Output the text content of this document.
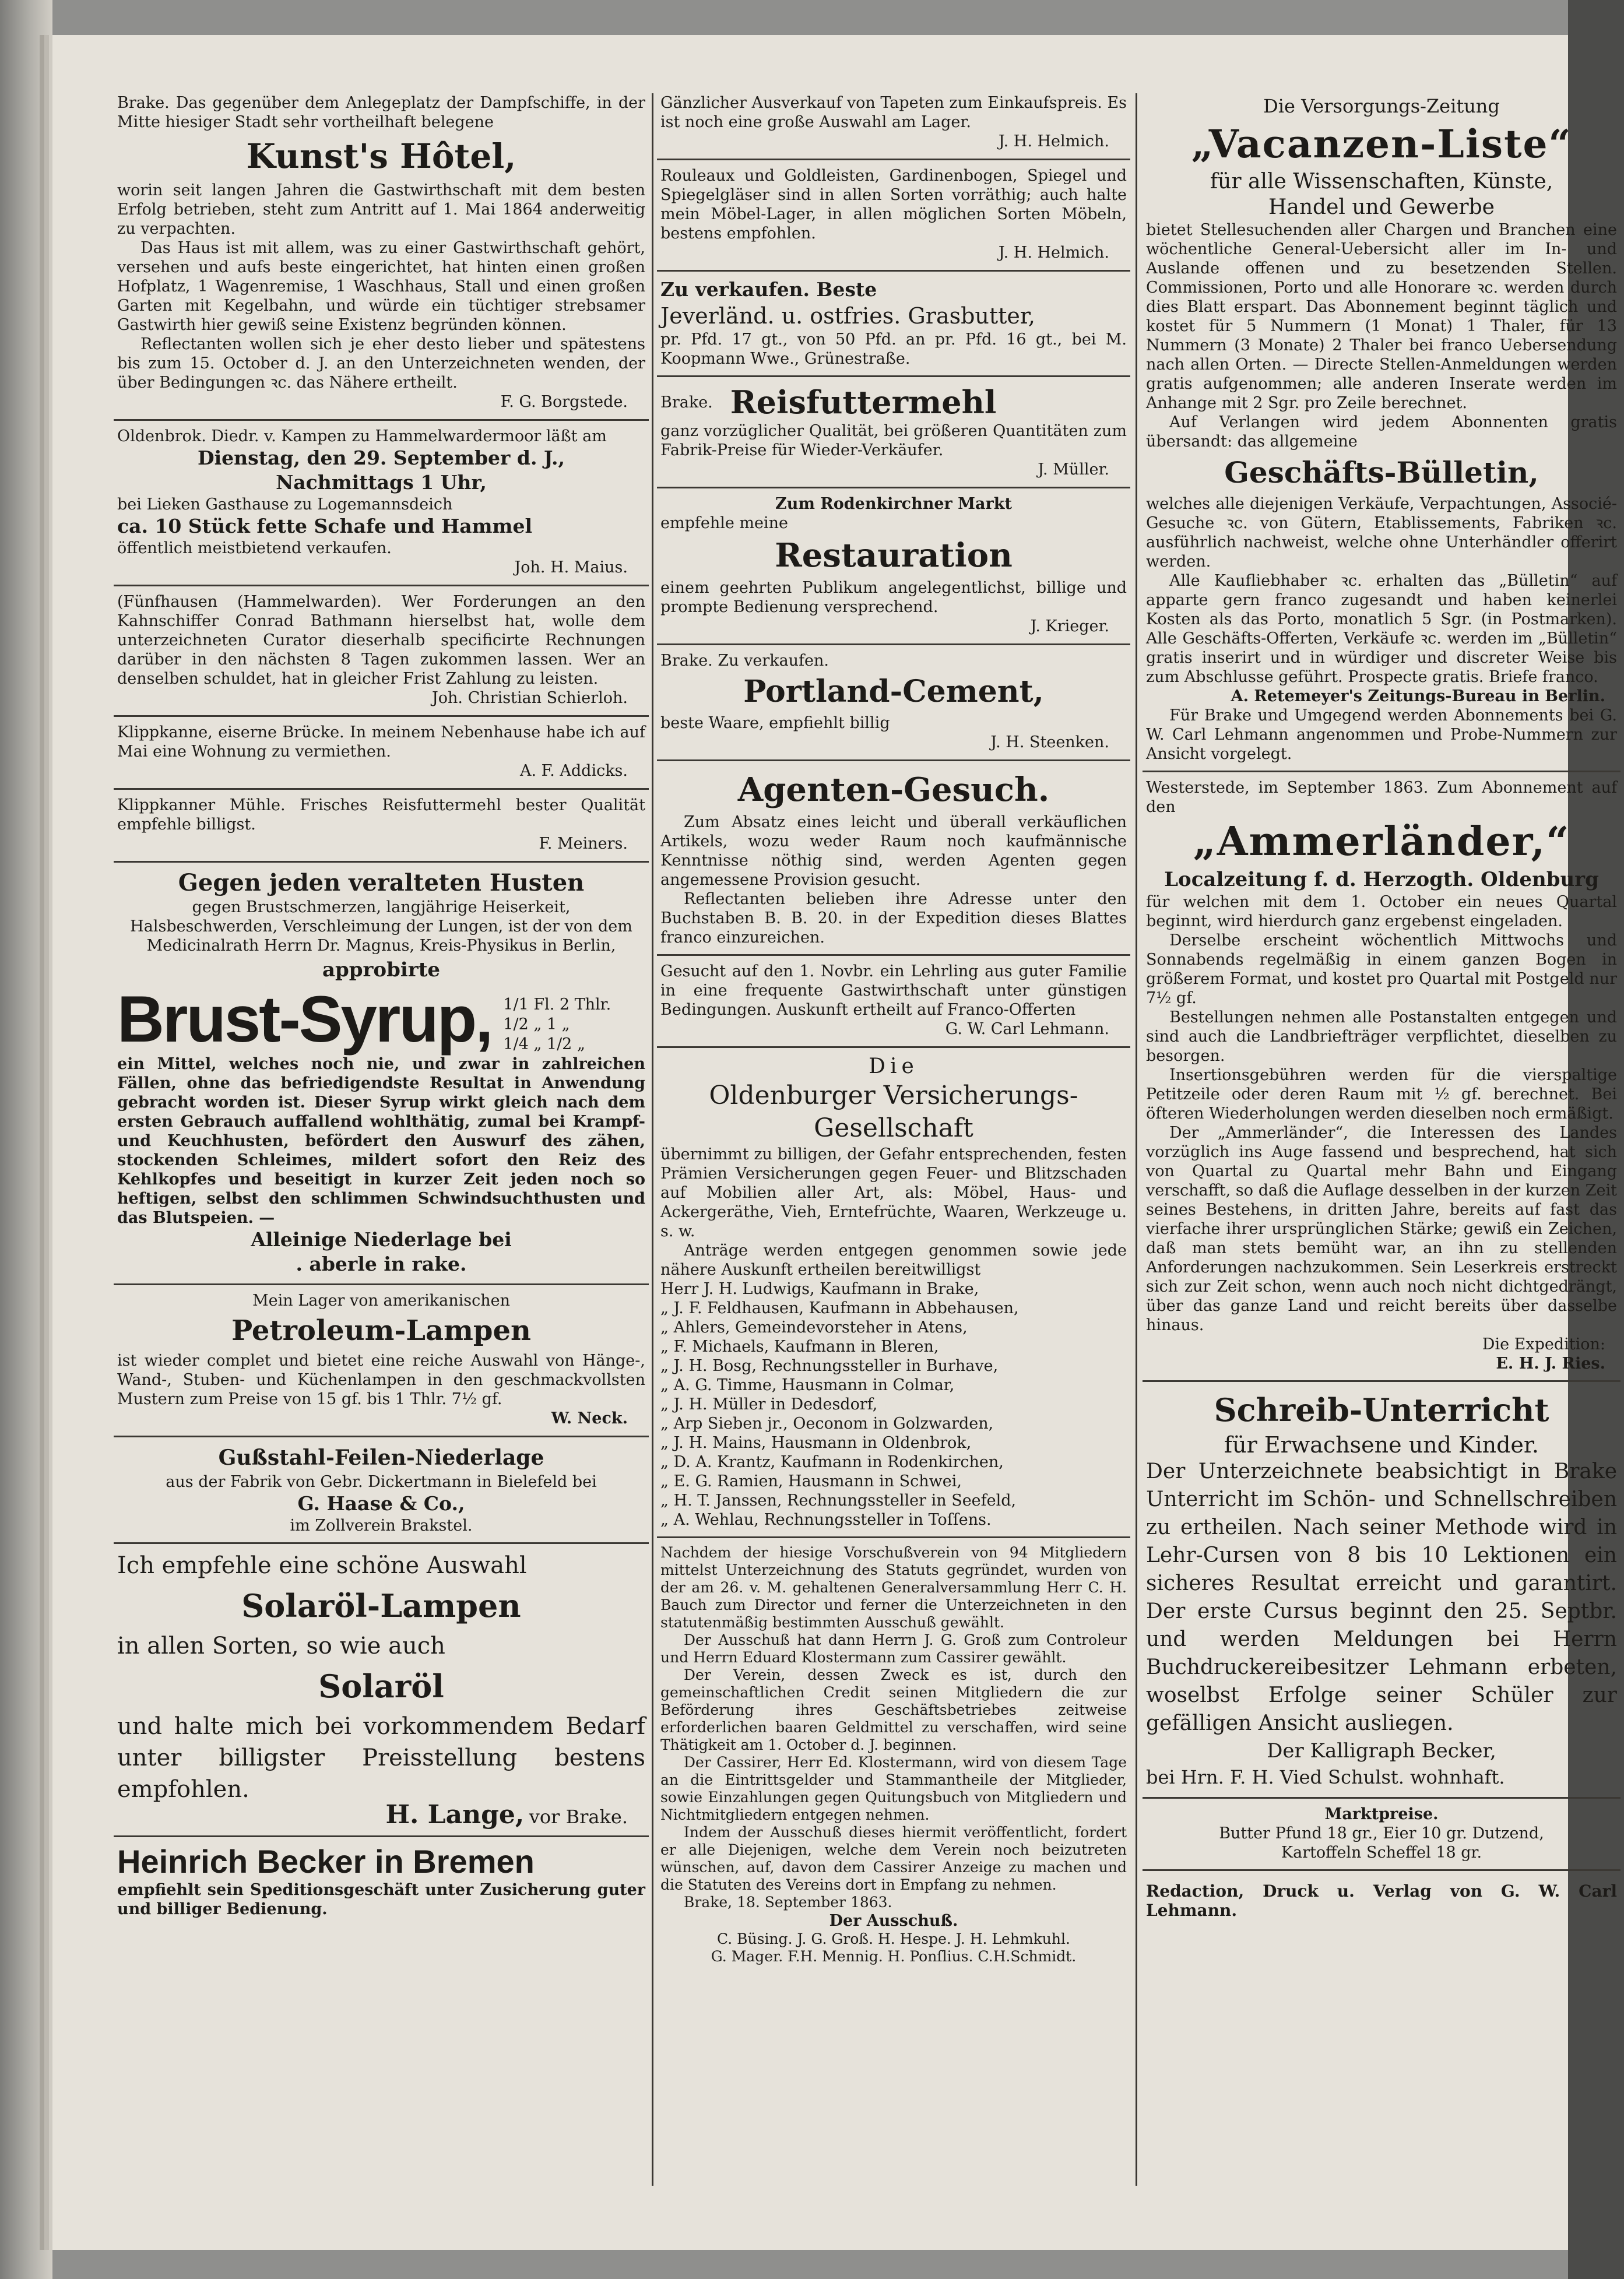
Brake. Das gegenüber dem Anlegeplatz der Dampfschiffe, in der Mitte hiesiger Stadt sehr vortheilhaft belegene

Kunst's Hôtel,

worin seit langen Jahren die Gastwirthschaft mit dem besten Erfolg betrieben, steht zum Antritt auf 1. Mai 1864 anderweitig zu verpachten.

Das Haus ist mit allem, was zu einer Gastwirthschaft gehört, versehen und aufs beste eingerichtet, hat hinten einen großen Hofplatz, 1 Wagenremise, 1 Waschhaus, Stall und einen großen Garten mit Kegelbahn, und würde ein tüchtiger strebsamer Gastwirth hier gewiß seine Existenz begründen können.

Reflectanten wollen sich je eher desto lieber und spätestens bis zum 15. October d. J. an den Unterzeichneten wenden, der über Bedingungen ꝛc. das Nähere ertheilt.

F. G. Borgstede.

Oldenbrok. Diedr. v. Kampen zu Hammelwardermoor läßt am

Dienstag, den 29. September d. J.,

Nachmittags 1 Uhr,

bei Lieken Gasthause zu Logemannsdeich

ca. 10 Stück fette Schafe und Hammel

öffentlich meistbietend verkaufen.

Joh. H. Maius.

(Fünfhausen (Hammelwarden). Wer Forderungen an den Kahnschiffer Conrad Bathmann hierselbst hat, wolle dem unterzeichneten Curator dieserhalb specificirte Rechnungen darüber in den nächsten 8 Tagen zukommen lassen. Wer an denselben schuldet, hat in gleicher Frist Zahlung zu leisten.

Joh. Christian Schierloh.

Klippkanne, eiserne Brücke. In meinem Nebenhause habe ich auf Mai eine Wohnung zu vermiethen.

A. F. Addicks.

Klippkanner Mühle. Frisches Reisfuttermehl bester Qualität empfehle billigst.

F. Meiners.
Gegen jeden veralteten Husten

gegen Brustschmerzen, langjährige Heiserkeit, Halsbeschwerden, Verschleimung der Lungen, ist der von dem Medicinalrath Herrn Dr. Magnus, Kreis-Physikus in Berlin,

approbirte
Brust-Syrup, 1/1 Fl. 2 Thlr.
1/2 „ 1 „
1/4 „ 1/2 „

ein Mittel, welches noch nie, und zwar in zahlreichen Fällen, ohne das befriedigendste Resultat in Anwendung gebracht worden ist. Dieser Syrup wirkt gleich nach dem ersten Gebrauch auffallend wohlthätig, zumal bei Krampf- und Keuchhusten, befördert den Auswurf des zähen, stockenden Schleimes, mildert sofort den Reiz des Kehlkopfes und beseitigt in kurzer Zeit jeden noch so heftigen, selbst den schlimmen Schwindsuchthusten und das Blutspeien. —

Alleinige Niederlage bei

. aberle in rake.

Mein Lager von amerikanischen

Petroleum-Lampen

ist wieder complet und bietet eine reiche Auswahl von Hänge-, Wand-, Stuben- und Küchenlampen in den geschmackvollsten Mustern zum Preise von 15 gf. bis 1 Thlr. 7½ gf.

W. Neck.
Gußstahl-Feilen-Niederlage

aus der Fabrik von Gebr. Dickertmann in Bielefeld bei

G. Haase & Co.,

im Zollverein Brakstel.

Ich empfehle eine schöne Auswahl

Solaröl-Lampen

in allen Sorten, so wie auch

Solaröl

und halte mich bei vorkommendem Bedarf unter billigster Preisstellung bestens empfohlen.

H. Lange, vor Brake.
Heinrich Becker in Bremen

empfiehlt sein Speditionsgeschäft unter Zusicherung guter und billiger Bedienung.

Gänzlicher Ausverkauf von Tapeten zum Einkaufspreis. Es ist noch eine große Auswahl am Lager.

J. H. Helmich.

Rouleaux und Goldleisten, Gardinenbogen, Spiegel und Spiegelgläser sind in allen Sorten vorräthig; auch halte mein Möbel-Lager, in allen möglichen Sorten Möbeln, bestens empfohlen.

J. H. Helmich.

Zu verkaufen. Beste

Jeverländ. u. ostfries. Grasbutter,

pr. Pfd. 17 gt., von 50 Pfd. an pr. Pfd. 16 gt., bei M. Koopmann Wwe., Grünestraße.

Brake. Reisfuttermehl

ganz vorzüglicher Qualität, bei größeren Quantitäten zum Fabrik-Preise für Wieder-Verkäufer.

J. Müller.

Zum Rodenkirchner Markt

empfehle meine

Restauration

einem geehrten Publikum angelegentlichst, billige und prompte Bedienung versprechend.

J. Krieger.

Brake. Zu verkaufen.

Portland-Cement,

beste Waare, empfiehlt billig

J. H. Steenken.
Agenten-Gesuch.

Zum Absatz eines leicht und überall verkäuflichen Artikels, wozu weder Raum noch kaufmännische Kenntnisse nöthig sind, werden Agenten gegen angemessene Provision gesucht.

Reflectanten belieben ihre Adresse unter den Buchstaben B. B. 20. in der Expedition dieses Blattes franco einzureichen.

Gesucht auf den 1. Novbr. ein Lehrling aus guter Familie in eine frequente Gastwirthschaft unter günstigen Bedingungen. Auskunft ertheilt auf Franco-Offerten

G. W. Carl Lehmann.
Die
Oldenburger Versicherungs-
Gesellschaft

übernimmt zu billigen, der Gefahr entsprechenden, festen Prämien Versicherungen gegen Feuer- und Blitzschaden auf Mobilien aller Art, als: Möbel, Haus- und Ackergeräthe, Vieh, Erntefrüchte, Waaren, Werkzeuge u. s. w.

Anträge werden entgegen genommen sowie jede nähere Auskunft ertheilen bereitwilligst

Herr J. H. Ludwigs, Kaufmann in Brake,

„ J. F. Feldhausen, Kaufmann in Abbehausen,

„ Ahlers, Gemeindevorsteher in Atens,

„ F. Michaels, Kaufmann in Bleren,

„ J. H. Bosg, Rechnungssteller in Burhave,

„ A. G. Timme, Hausmann in Colmar,

„ J. H. Müller in Dedesdorf,

„ Arp Sieben jr., Oeconom in Golzwarden,

„ J. H. Mains, Hausmann in Oldenbrok,

„ D. A. Krantz, Kaufmann in Rodenkirchen,

„ E. G. Ramien, Hausmann in Schwei,

„ H. T. Janssen, Rechnungssteller in Seefeld,

„ A. Wehlau, Rechnungssteller in Toſſens.

Nachdem der hiesige Vorschußverein von 94 Mitgliedern mittelst Unterzeichnung des Statuts gegründet, wurden von der am 26. v. M. gehaltenen Generalversammlung Herr C. H. Bauch zum Director und ferner die Unterzeichneten in den statutenmäßig bestimmten Ausschuß gewählt.

Der Ausschuß hat dann Herrn J. G. Groß zum Controleur und Herrn Eduard Klostermann zum Cassirer gewählt.

Der Verein, dessen Zweck es ist, durch den gemeinschaftlichen Credit seinen Mitgliedern die zur Beförderung ihres Geschäftsbetriebes zeitweise erforderlichen baaren Geldmittel zu verschaffen, wird seine Thätigkeit am 1. October d. J. beginnen.

Der Cassirer, Herr Ed. Klostermann, wird von diesem Tage an die Eintrittsgelder und Stammantheile der Mitglieder, sowie Einzahlungen gegen Quitungsbuch von Mitgliedern und Nichtmitgliedern entgegen nehmen.

Indem der Ausschuß dieses hiermit veröffentlicht, fordert er alle Diejenigen, welche dem Verein noch beizutreten wünschen, auf, davon dem Cassirer Anzeige zu machen und die Statuten des Vereins dort in Empfang zu nehmen.

Brake, 18. September 1863.

Der Ausschuß.

C. Büsing. J. G. Groß. H. Hespe. J. H. Lehmkuhl.

G. Mager. F.H. Mennig. H. Ponſlius. C.H.Schmidt.

Die Versorgungs-Zeitung
„Vacanzen-Liste“
für alle Wissenschaften, Künste,
Handel und Gewerbe

bietet Stellesuchenden aller Chargen und Branchen eine wöchentliche General-Uebersicht aller im In- und Auslande offenen und zu besetzenden Stellen. Commissionen, Porto und alle Honorare ꝛc. werden durch dies Blatt erspart. Das Abonnement beginnt täglich und kostet für 5 Nummern (1 Monat) 1 Thaler, für 13 Nummern (3 Monate) 2 Thaler bei franco Uebersendung nach allen Orten. — Directe Stellen-Anmeldungen werden gratis aufgenommen; alle anderen Inserate werden im Anhange mit 2 Sgr. pro Zeile berechnet.

Auf Verlangen wird jedem Abonnenten gratis übersandt: das allgemeine

Geschäfts-Bülletin,

welches alle diejenigen Verkäufe, Verpachtungen, Associé-Gesuche ꝛc. von Gütern, Etablissements, Fabriken ꝛc. ausführlich nachweist, welche ohne Unterhändler offerirt werden.

Alle Kaufliebhaber ꝛc. erhalten das „Bülletin“ auf apparte gern franco zugesandt und haben keinerlei Kosten als das Porto, monatlich 5 Sgr. (in Postmarken). Alle Geschäfts-Offerten, Verkäufe ꝛc. werden im „Bülletin“ gratis inserirt und in würdiger und discreter Weise bis zum Abschlusse geführt. Prospecte gratis. Briefe franco.

A. Retemeyer's Zeitungs-Bureau in Berlin.

Für Brake und Umgegend werden Abonnements bei G. W. Carl Lehmann angenommen und Probe-Nummern zur Ansicht vorgelegt.

Westerstede, im September 1863. Zum Abonnement auf den

„Ammerländer,“
Localzeitung f. d. Herzogth. Oldenburg

für welchen mit dem 1. October ein neues Quartal beginnt, wird hierdurch ganz ergebenst eingeladen.

Derselbe erscheint wöchentlich Mittwochs und Sonnabends regelmäßig in einem ganzen Bogen in größerem Format, und kostet pro Quartal mit Postgeld nur 7½ gf.

Bestellungen nehmen alle Postanstalten entgegen und sind auch die Landbriefträger verpflichtet, dieselben zu besorgen.

Insertionsgebühren werden für die vierspaltige Petitzeile oder deren Raum mit ½ gf. berechnet. Bei öfteren Wiederholungen werden dieselben noch ermäßigt.

Der „Ammerländer“, die Interessen des Landes vorzüglich ins Auge fassend und besprechend, hat sich von Quartal zu Quartal mehr Bahn und Eingang verschafft, so daß die Auflage desselben in der kurzen Zeit seines Bestehens, in dritten Jahre, bereits auf fast das vierfache ihrer ursprünglichen Stärke; gewiß ein Zeichen, daß man stets bemüht war, an ihn zu stellenden Anforderungen nachzukommen. Sein Leserkreis erstreckt sich zur Zeit schon, wenn auch noch nicht dichtgedrängt, über das ganze Land und reicht bereits über dasselbe hinaus.

Die Expedition:

E. H. J. Ries.

Schreib-Unterricht
für Erwachsene und Kinder.

Der Unterzeichnete beabsichtigt in Brake Unterricht im Schön- und Schnellschreiben zu ertheilen. Nach seiner Methode wird in Lehr-Cursen von 8 bis 10 Lektionen ein sicheres Resultat erreicht und garantirt. Der erste Cursus beginnt den 25. Septbr. und werden Meldungen bei Herrn Buchdruckereibesitzer Lehmann erbeten, woselbst Erfolge seiner Schüler zur gefälligen Ansicht ausliegen.

Der Kalligraph Becker,

bei Hrn. F. H. Vied Schulst. wohnhaft.

Marktpreise.

Butter Pfund 18 gr., Eier 10 gr. Dutzend,

Kartoffeln Scheffel 18 gr.

Redaction, Druck u. Verlag von G. W. Carl Lehmann.
